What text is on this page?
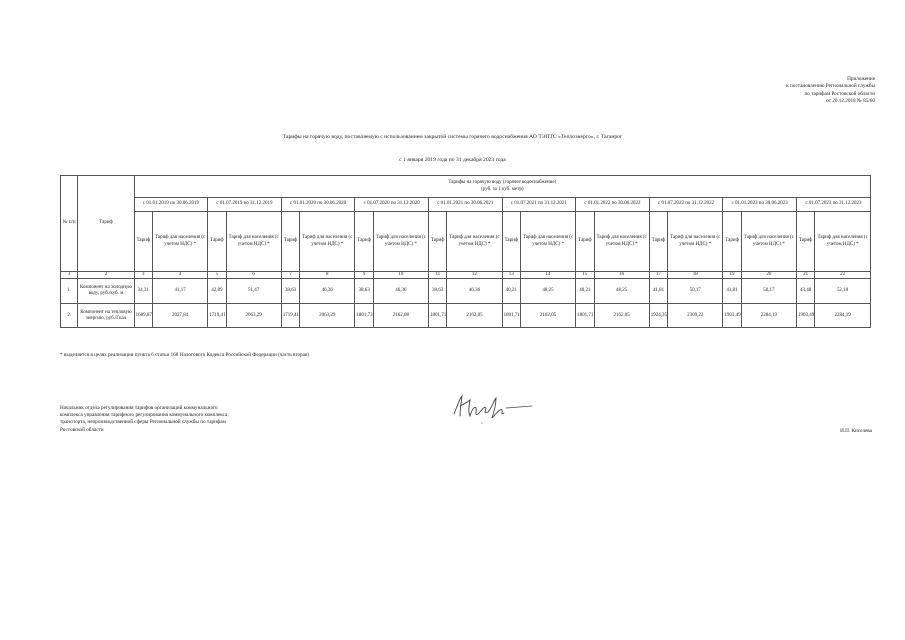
Приложение
к постановлению Региональной службы
по тарифам Ростовской области
от 20.12.2018 № 85/60
Тарифы на горячую воду, поставляемую с использованием закрытой системы горячего водоснабжения АО ТЭПТС «Теплоэнерго», г. Таганрог
с 1 января 2019 года по 31 декабря 2023 года
№ п/п	Тариф	Тарифы на горячую воду (горячее водоснабжение)
(руб. за 1 куб. метр)																			

		с 01.01.2019 по 30.06.2019		с 01.07.2019 по 31.12.2019		с 01.01.2020 по 30.06.2020		с 01.07.2020 по 31.12.2020		с 01.01.2021 по 30.06.2021		с 01.07.2021 по 31.12.2021		с 01.01.2022 по 30.06.2022		с 01.07.2022 по 31.12.2022		с 01.01.2023 по 30.06.2023		с 01.07.2023 по 31.12.2023	
		Тариф	Тариф для населения (с учетом НДС) *	Тариф	Тариф для населения (с учетом НДС) *	Тариф	Тариф для населения (с учетом НДС) *	Тариф	Тариф для населения (с учетом НДС) *	Тариф	Тариф для населения (с учетом НДС) *	Тариф	Тариф для населения (с учетом НДС) *	Тариф	Тариф для населения (с учетом НДС) *	Тариф	Тариф для населения (с учетом НДС) *	Тариф	Тариф для населения (с учетом НДС) *	Тариф	Тариф для населения (с учетом НДС) *
1	2	3	4	5	6	7	8	9	10	11	12	13	14	15	16	17	18	19	20	21	22
1.	Компонент на холодную воду, руб./куб. м	34,31	41,17	42,89	51,47	38,63	46,36	38,63	46,36	38,63	46,36	40,21	48,25	40,21	48,25	41,81	50,17	41,81	50,17	43,48	52,18
2.	Компонент на тепловую энергию, руб./Гкал	1689,87	2027,84	1719,41	2063,29	1719,41	2063,29	1801,73	2162,08	1801,71	2162,05	1801,71	2162,05	1801,71	2162,05	1924,35	2309,22	1903,49	2284,19	1903,49	2284,19
* выделяется в целях реализации пункта 6 статьи 168 Налогового Кодекса Российской Федерации (часть вторая)
Начальник отдела регулирования тарифов организаций коммунального
комплекса управления тарифного регулирования коммунального комплекса,
транспорта, непроизводственной сферы Региональной службы по тарифам
Ростовской области	И.П. Киселева
